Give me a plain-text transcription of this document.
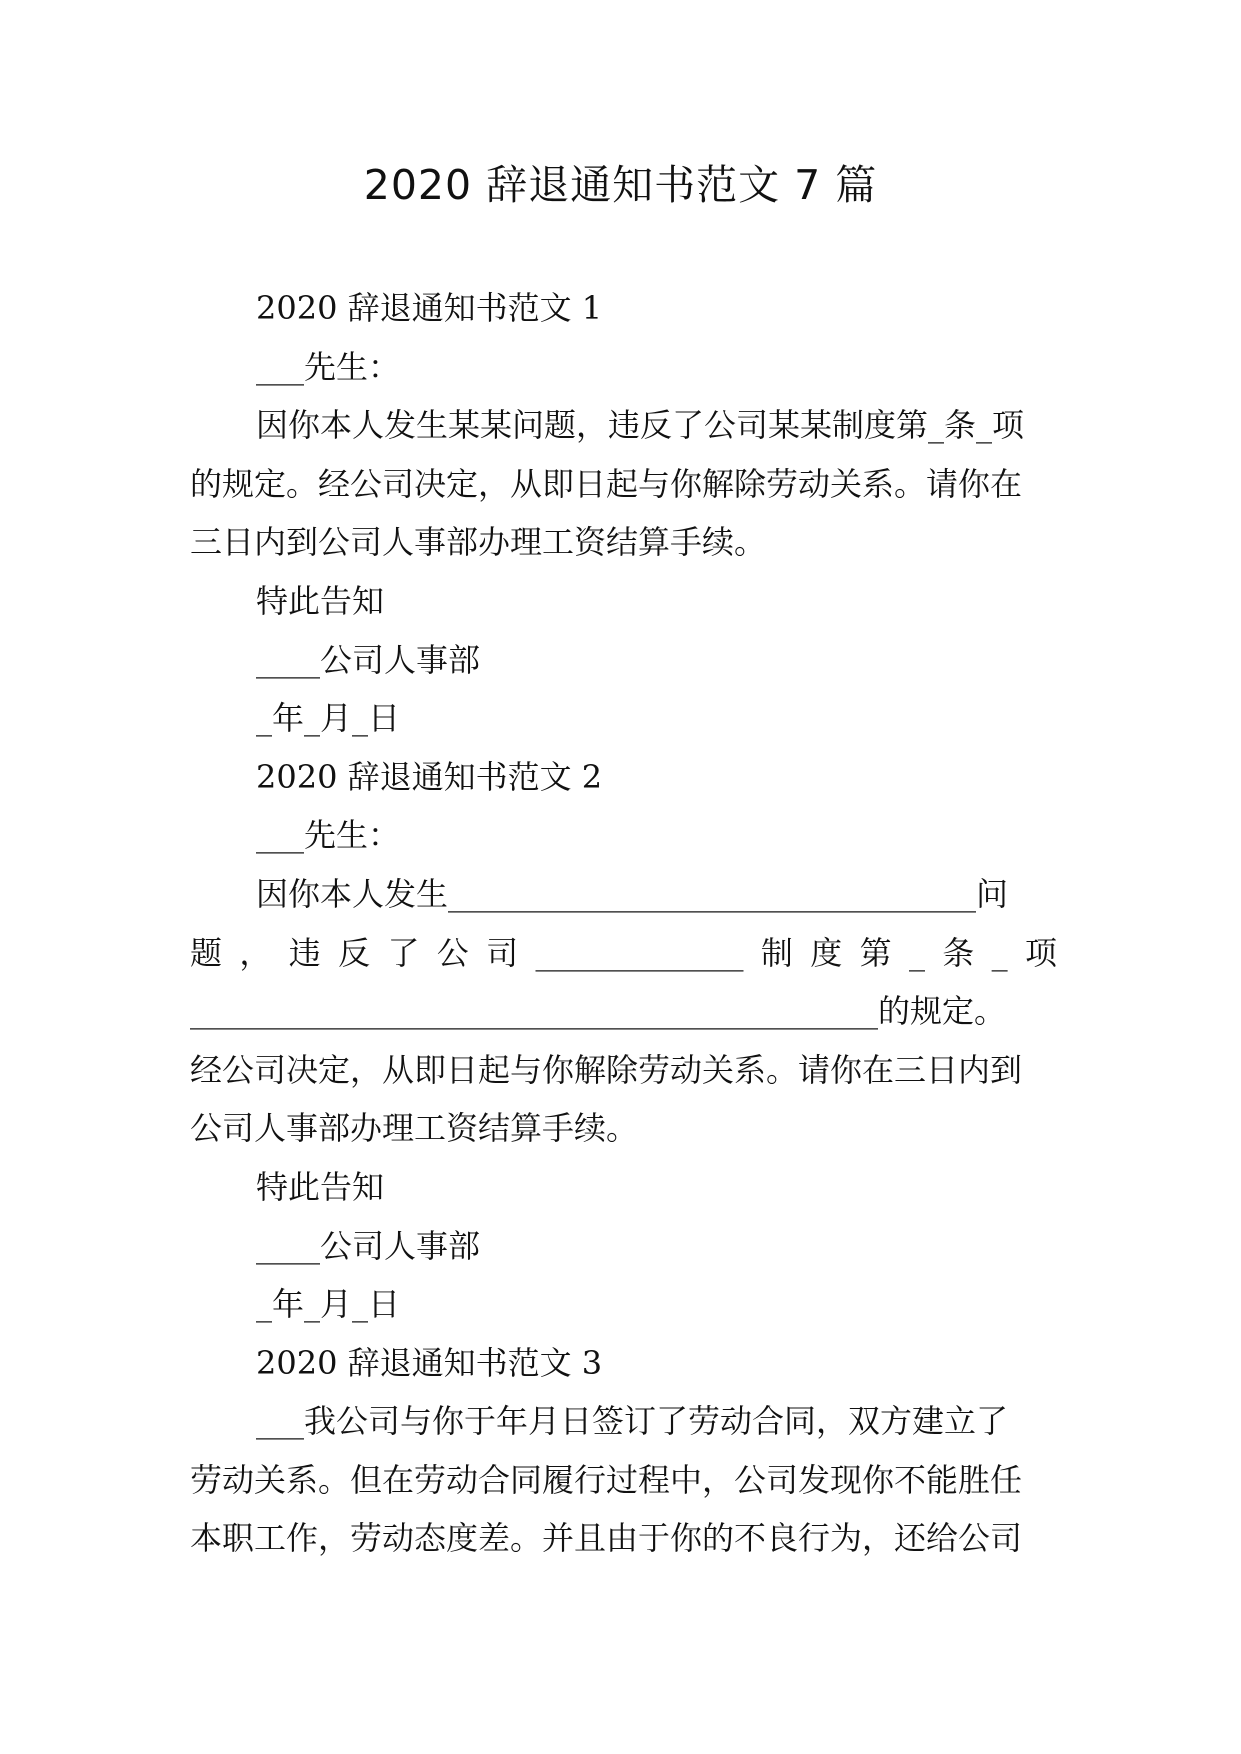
2020 辞退通知书范文 7 篇
2020 辞退通知书范文 1
___先生：
因你本人发生某某问题，违反了公司某某制度第_条_项
的规定。经公司决定，从即日起与你解除劳动关系。请你在
三日内到公司人事部办理工资结算手续。
特此告知
____公司人事部
_年_月_日
2020 辞退通知书范文 2
___先生：
因你本人发生_________________________________问
题 ， 违 反 了 公 司 _____________ 制 度 第 _ 条 _ 项
___________________________________________的规定。
经公司决定，从即日起与你解除劳动关系。请你在三日内到
公司人事部办理工资结算手续。
特此告知
____公司人事部
_年_月_日
2020 辞退通知书范文 3
___我公司与你于年月日签订了劳动合同，双方建立了
劳动关系。但在劳动合同履行过程中，公司发现你不能胜任
本职工作，劳动态度差。并且由于你的不良行为，还给公司
